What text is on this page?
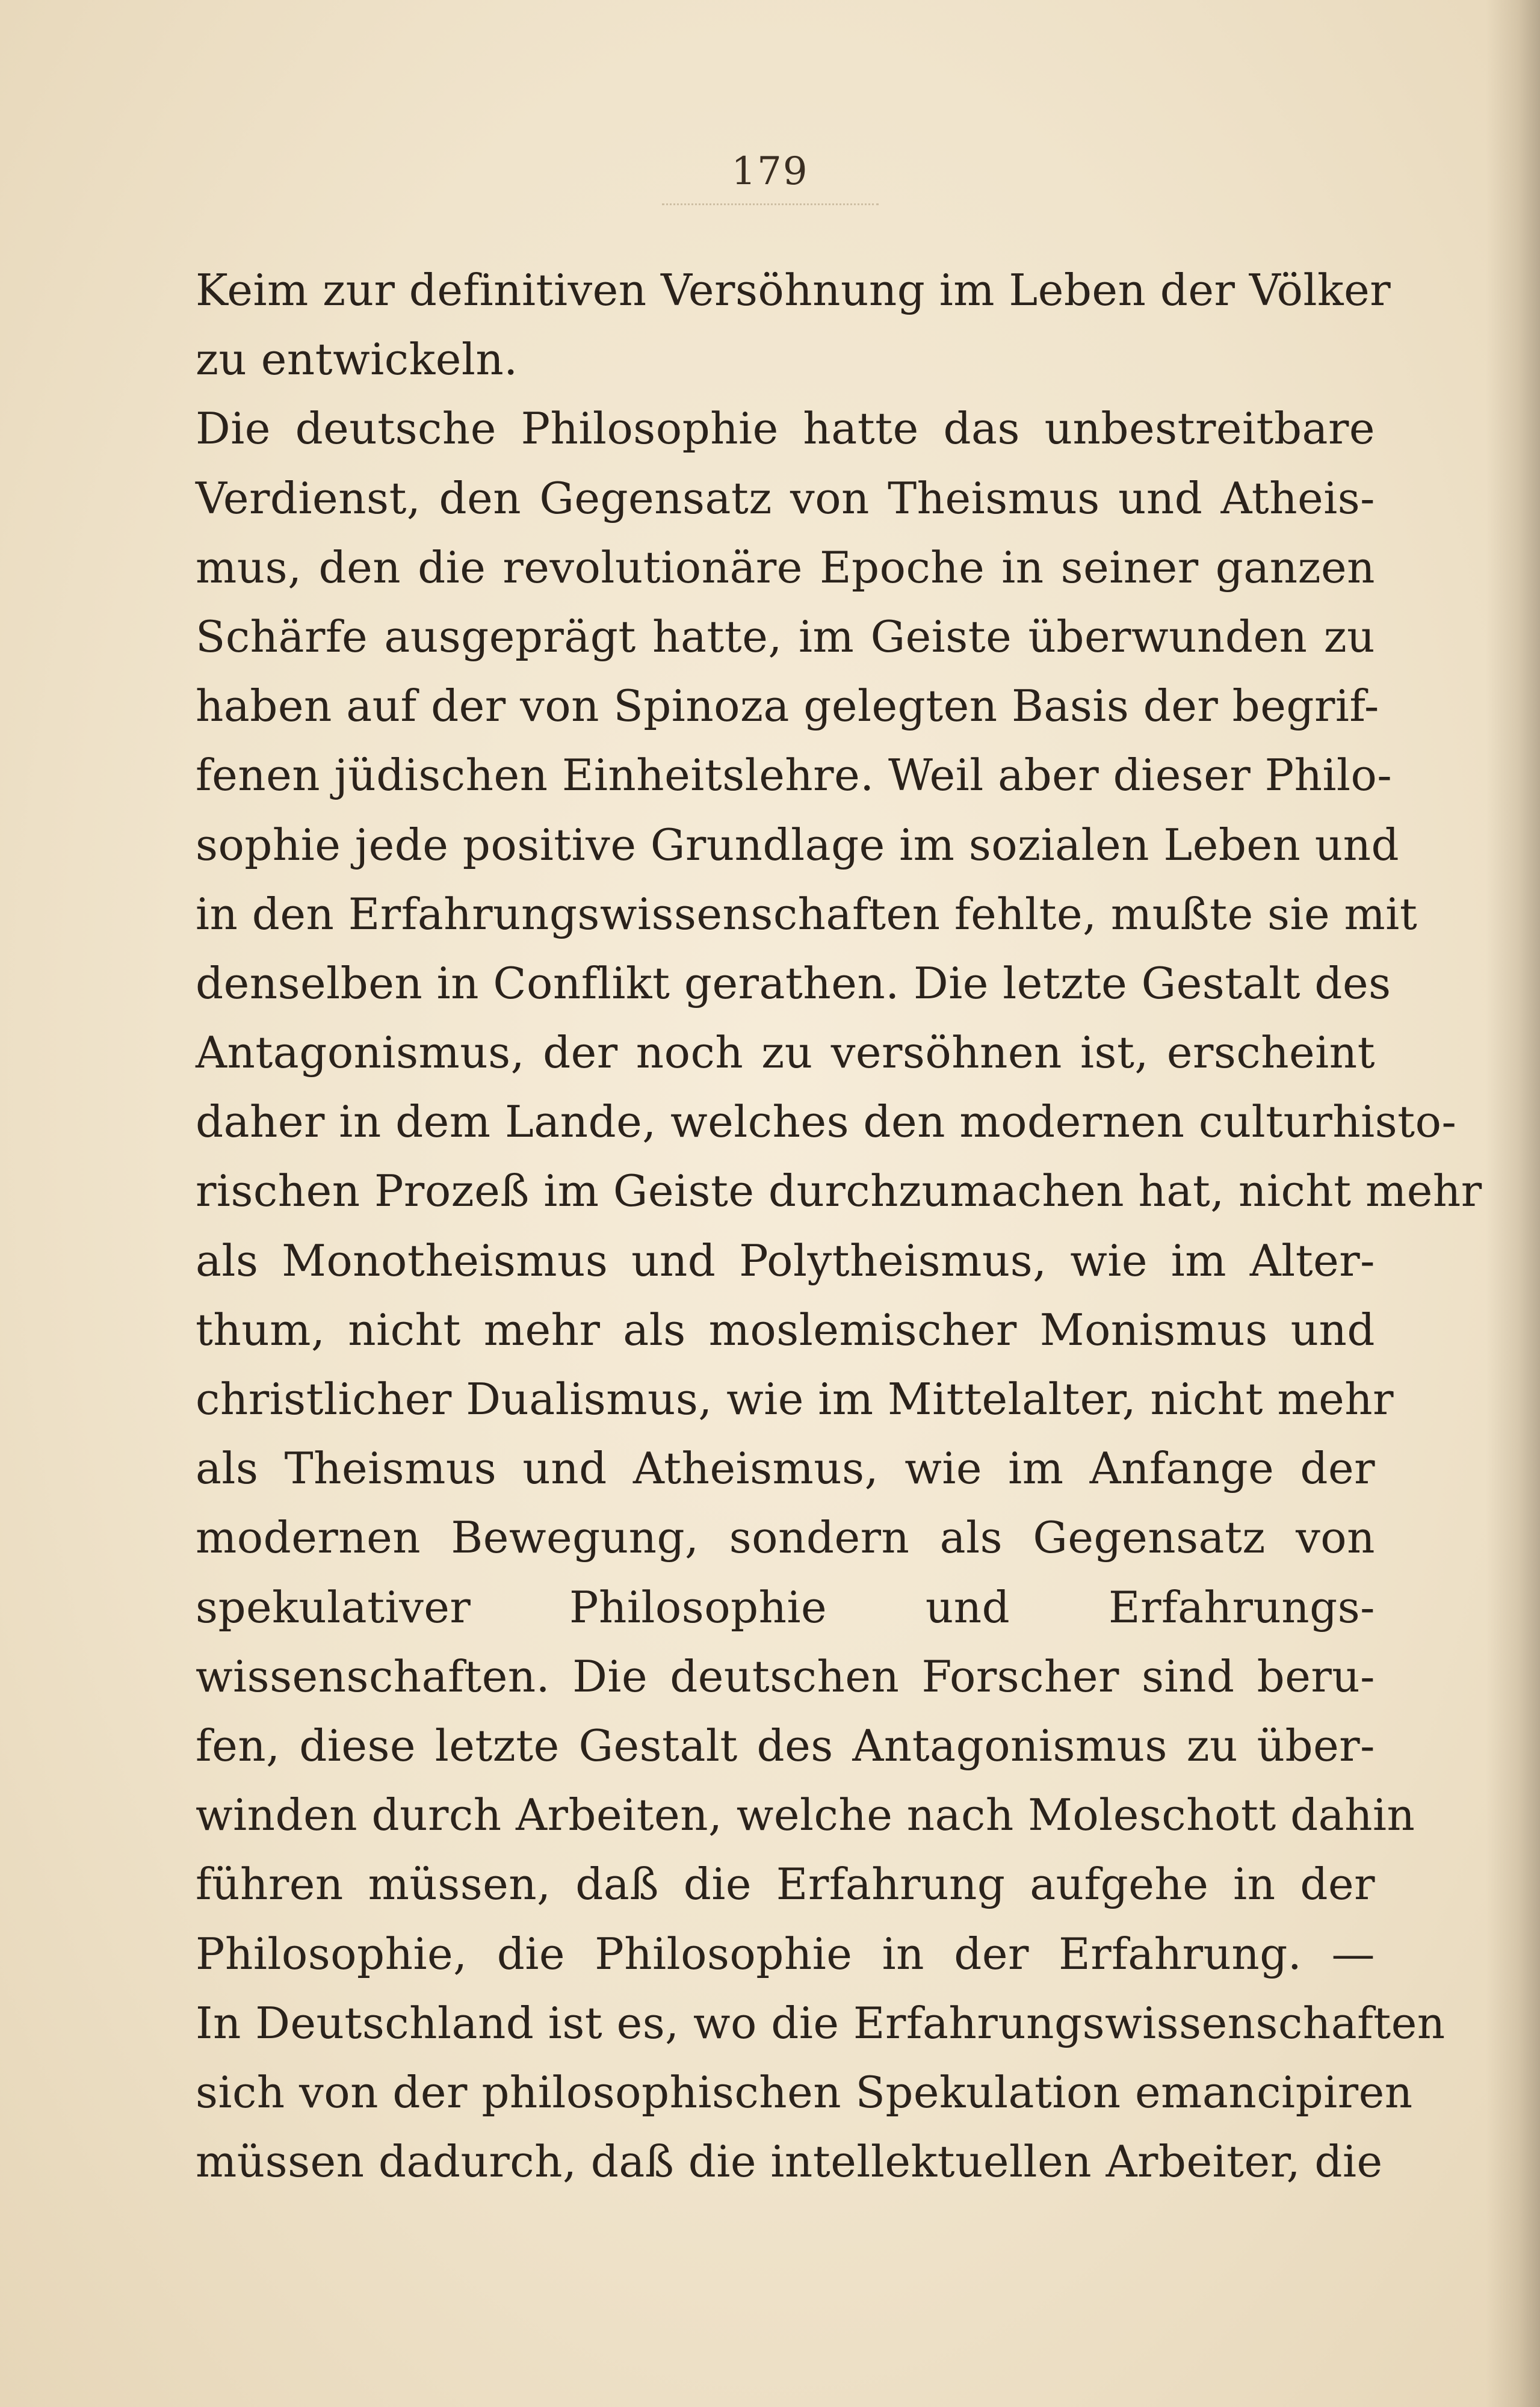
179
Keim zur definitiven Versöhnung im Leben der Völker
zu entwickeln.
Die deutsche Philosophie hatte das unbestreitbare
Verdienst, den Gegensatz von Theismus und Atheis-
mus, den die revolutionäre Epoche in seiner ganzen
Schärfe ausgeprägt hatte, im Geiste überwunden zu
haben auf der von Spinoza gelegten Basis der begrif-
fenen jüdischen Einheitslehre. Weil aber dieser Philo-
sophie jede positive Grundlage im sozialen Leben und
in den Erfahrungswissenschaften fehlte, mußte sie mit
denselben in Conflikt gerathen. Die letzte Gestalt des
Antagonismus, der noch zu versöhnen ist, erscheint
daher in dem Lande, welches den modernen culturhisto-
rischen Prozeß im Geiste durchzumachen hat, nicht mehr
als Monotheismus und Polytheismus, wie im Alter-
thum, nicht mehr als moslemischer Monismus und
christlicher Dualismus, wie im Mittelalter, nicht mehr
als Theismus und Atheismus, wie im Anfange der
modernen Bewegung, sondern als Gegensatz von
spekulativer Philosophie und Erfahrungs-
wissenschaften. Die deutschen Forscher sind beru-
fen, diese letzte Gestalt des Antagonismus zu über-
winden durch Arbeiten, welche nach Moleschott dahin
führen müssen, daß die Erfahrung aufgehe in der
Philosophie, die Philosophie in der Erfahrung. —
In Deutschland ist es, wo die Erfahrungswissenschaften
sich von der philosophischen Spekulation emancipiren
müssen dadurch, daß die intellektuellen Arbeiter, die
